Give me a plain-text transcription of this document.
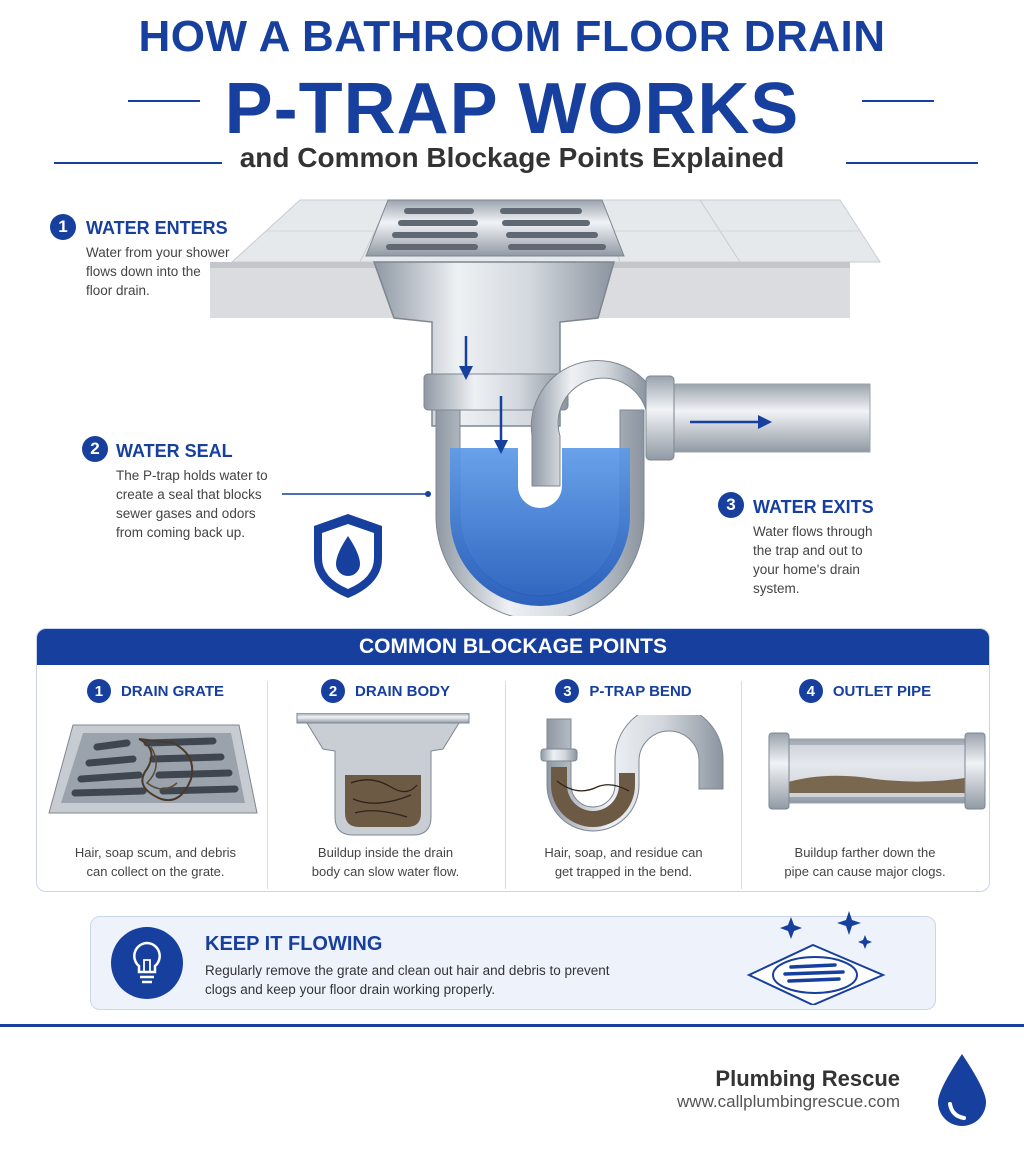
HOW A BATHROOM FLOOR DRAIN
P-TRAP WORKS
and Common Blockage Points Explained
1	WATER ENTERS
Water from your shower
flows down into the
floor drain.
2 WATER SEAL
The P-trap holds water to
create a seal that blocks
sewer gases and odors
from coming back up.
3 WATER EXITS
Water flows through
the trap and out to
your home's drain
system.
COMMON BLOCKAGE POINTS
1	DRAIN GRATE
Hair, soap scum, and debris
can collect on the grate.
2	DRAIN BODY
Buildup inside the drain
body can slow water flow.
3	P-TRAP BEND
Hair, soap, and residue can
get trapped in the bend.
4	OUTLET PIPE
Buildup farther down the
pipe can cause major clogs.
KEEP IT FLOWING
Regularly remove the grate and clean out hair and debris to prevent
clogs and keep your floor drain working properly.
Plumbing Rescue
www.callplumbingrescue.com
